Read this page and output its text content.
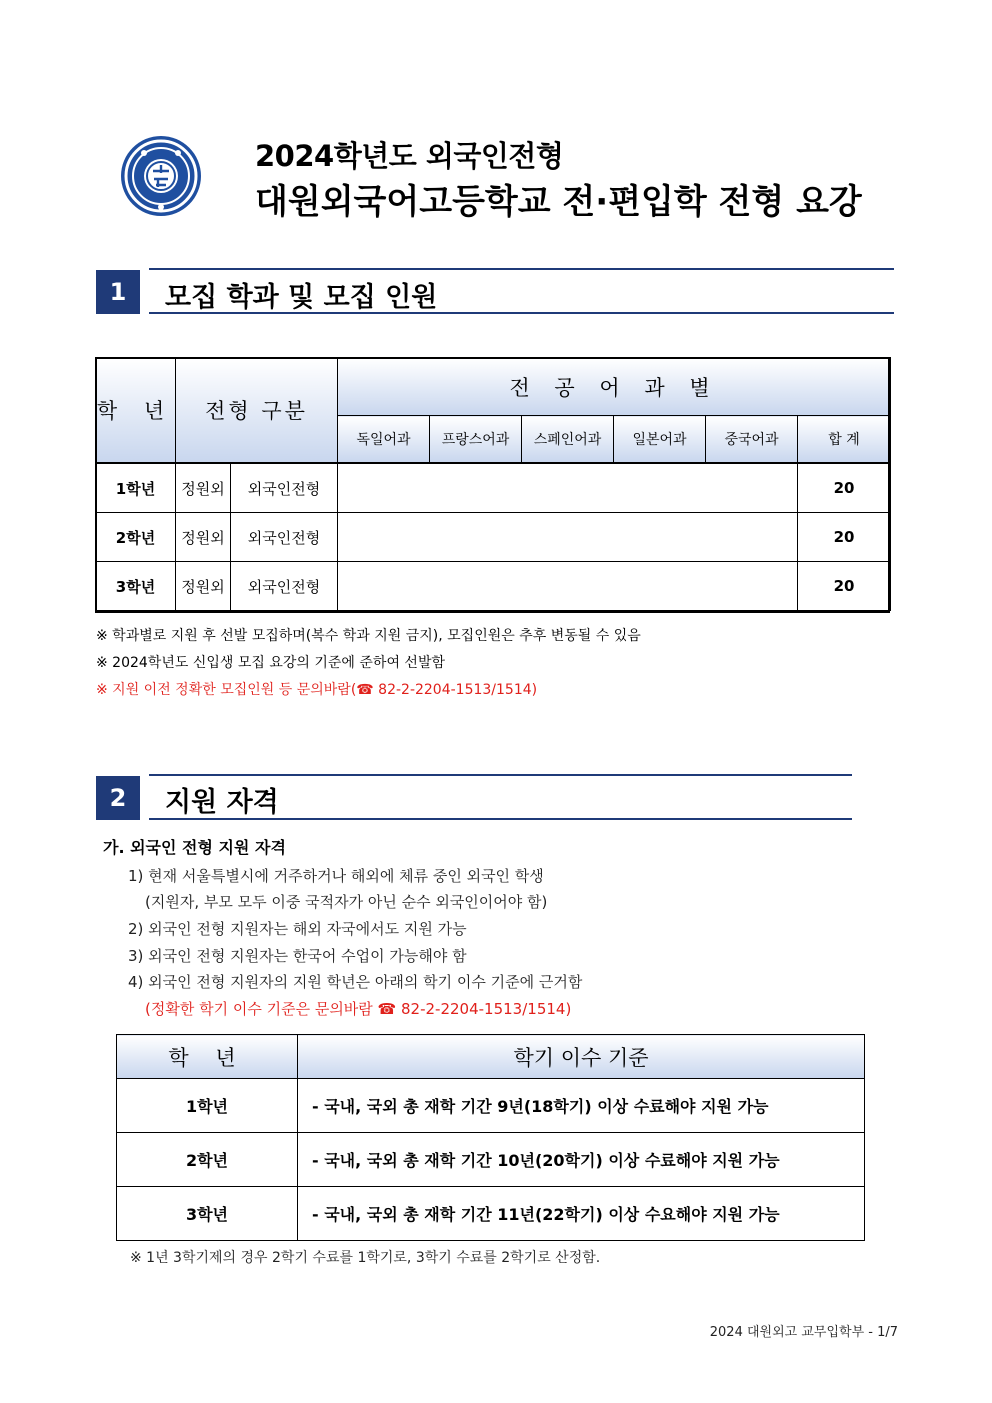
2024학년도 외국인전형
대원외국어고등학교 전·편입학 전형 요강
1	모집 학과 및 모집 인원
학 년	전형 구분		전 공 어 과 별					
			독일어과	프랑스어과	스페인어과	일본어과	중국어과	합 계
1학년	정원외	외국인전형						20
2학년	정원외	외국인전형						20
3학년	정원외	외국인전형						20
※ 학과별로 지원 후 선발 모집하며(복수 학과 지원 금지), 모집인원은 추후 변동될 수 있음
※ 2024학년도 신입생 모집 요강의 기준에 준하여 선발함
※ 지원 이전 정확한 모집인원 등 문의바람(☎ 82-2-2204-1513/1514)
2	지원 자격
가. 외국인 전형 지원 자격
1) 현재 서울특별시에 거주하거나 해외에 체류 중인 외국인 학생
(지원자, 부모 모두 이중 국적자가 아닌 순수 외국인이어야 함)
2) 외국인 전형 지원자는 해외 자국에서도 지원 가능
3) 외국인 전형 지원자는 한국어 수업이 가능해야 함
4) 외국인 전형 지원자의 지원 학년은 아래의 학기 이수 기준에 근거함
(정확한 학기 이수 기준은 문의바람 ☎ 82-2-2204-1513/1514)
학 년	학기 이수 기준
1학년	- 국내, 국외 총 재학 기간 9년(18학기) 이상 수료해야 지원 가능
2학년	- 국내, 국외 총 재학 기간 10년(20학기) 이상 수료해야 지원 가능
3학년	- 국내, 국외 총 재학 기간 11년(22학기) 이상 수요해야 지원 가능
※ 1년 3학기제의 경우 2학기 수료를 1학기로, 3학기 수료를 2학기로 산정함.
2024 대원외고 교무입학부 - 1/7
